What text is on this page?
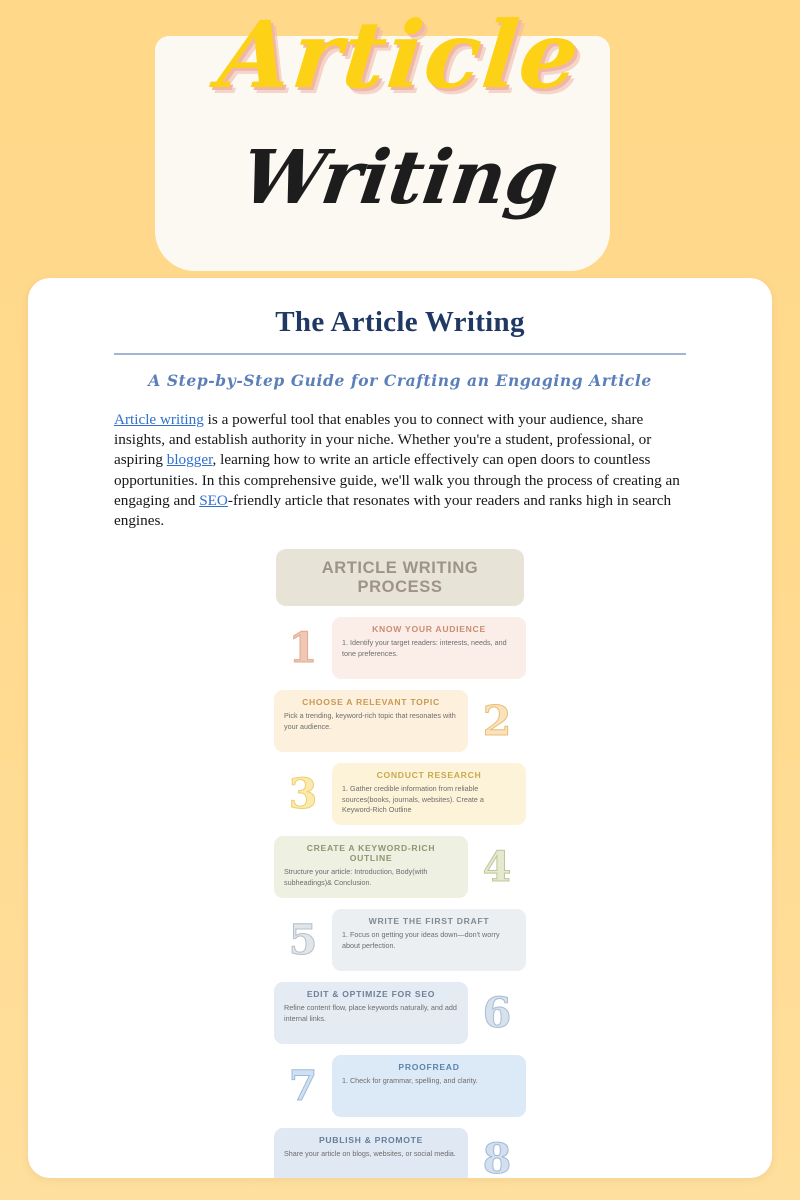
Article
Writing
The Article Writing
A Step-by-Step Guide for Crafting an Engaging Article

Article writing is a powerful tool that enables you to connect with your audience, share insights, and establish authority in your niche. Whether you're a student, professional, or aspiring blogger, learning how to write an article effectively can open doors to countless opportunities. In this comprehensive guide, we'll walk you through the process of creating an engaging and SEO-friendly article that resonates with your readers and ranks high in search engines.

ARTICLE WRITING PROCESS
1	KNOW YOUR AUDIENCE

1. Identify your target readers: interests, needs, and tone preferences.

2
CHOOSE A RELEVANT TOPIC

Pick a trending, keyword-rich topic that resonates with your audience.

3	CONDUCT RESEARCH

1. Gather credible information from reliable sources(books, journals, websites). Create a Keyword-Rich Outline

4
CREATE A KEYWORD-RICH OUTLINE

Structure your article: Introduction, Body(with subheadings)& Conclusion.

5	WRITE THE FIRST DRAFT

1. Focus on getting your ideas down—don't worry about perfection.

6
EDIT & OPTIMIZE FOR SEO

Refine content flow, place keywords naturally, and add internal links.

7	PROOFREAD

1. Check for grammar, spelling, and clarity.

8
PUBLISH & PROMOTE

Share your article on blogs, websites, or social media.
